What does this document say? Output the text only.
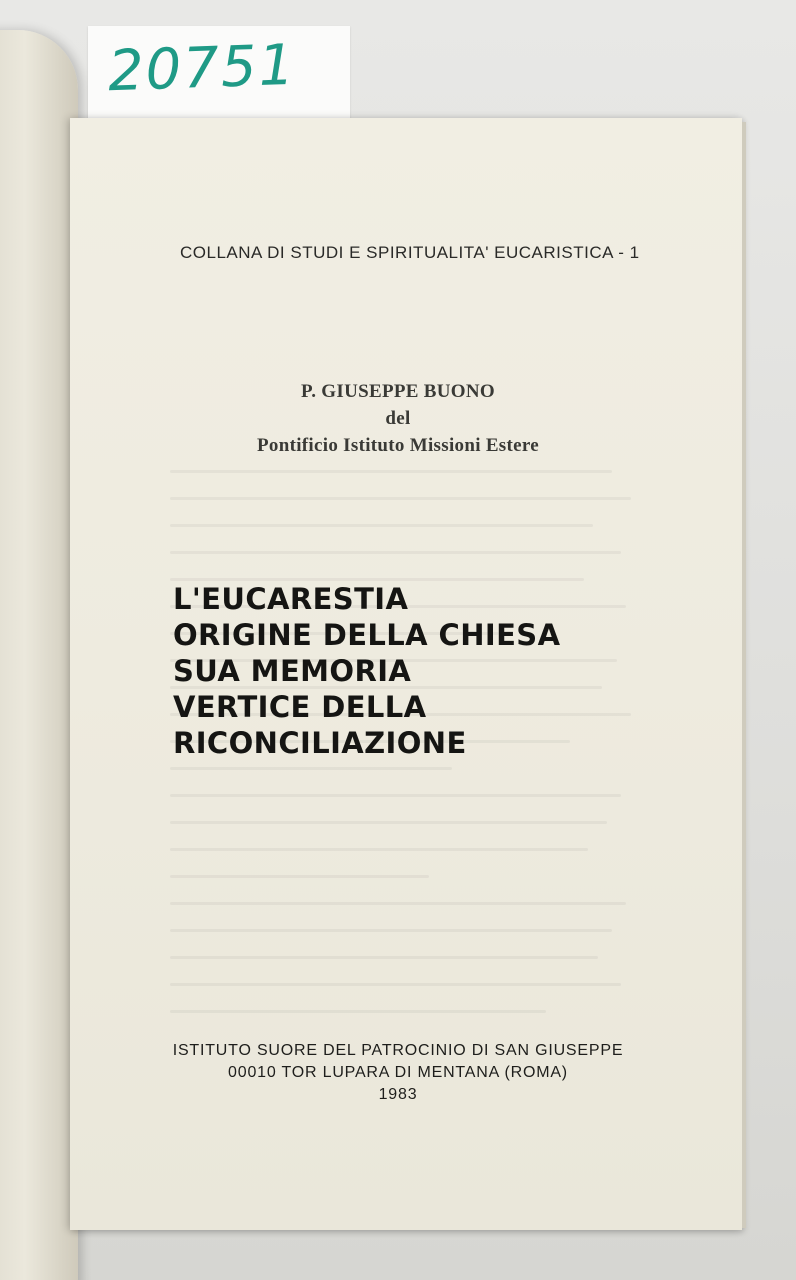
20751
COLLANA DI STUDI E SPIRITUALITA' EUCARISTICA - 1
P. GIUSEPPE BUONO
del
Pontificio Istituto Missioni Estere
L'EUCARESTIA
ORIGINE DELLA CHIESA
SUA MEMORIA
VERTICE DELLA
RICONCILIAZIONE
ISTITUTO SUORE DEL PATROCINIO DI SAN GIUSEPPE
00010 TOR LUPARA DI MENTANA (ROMA)
1983
